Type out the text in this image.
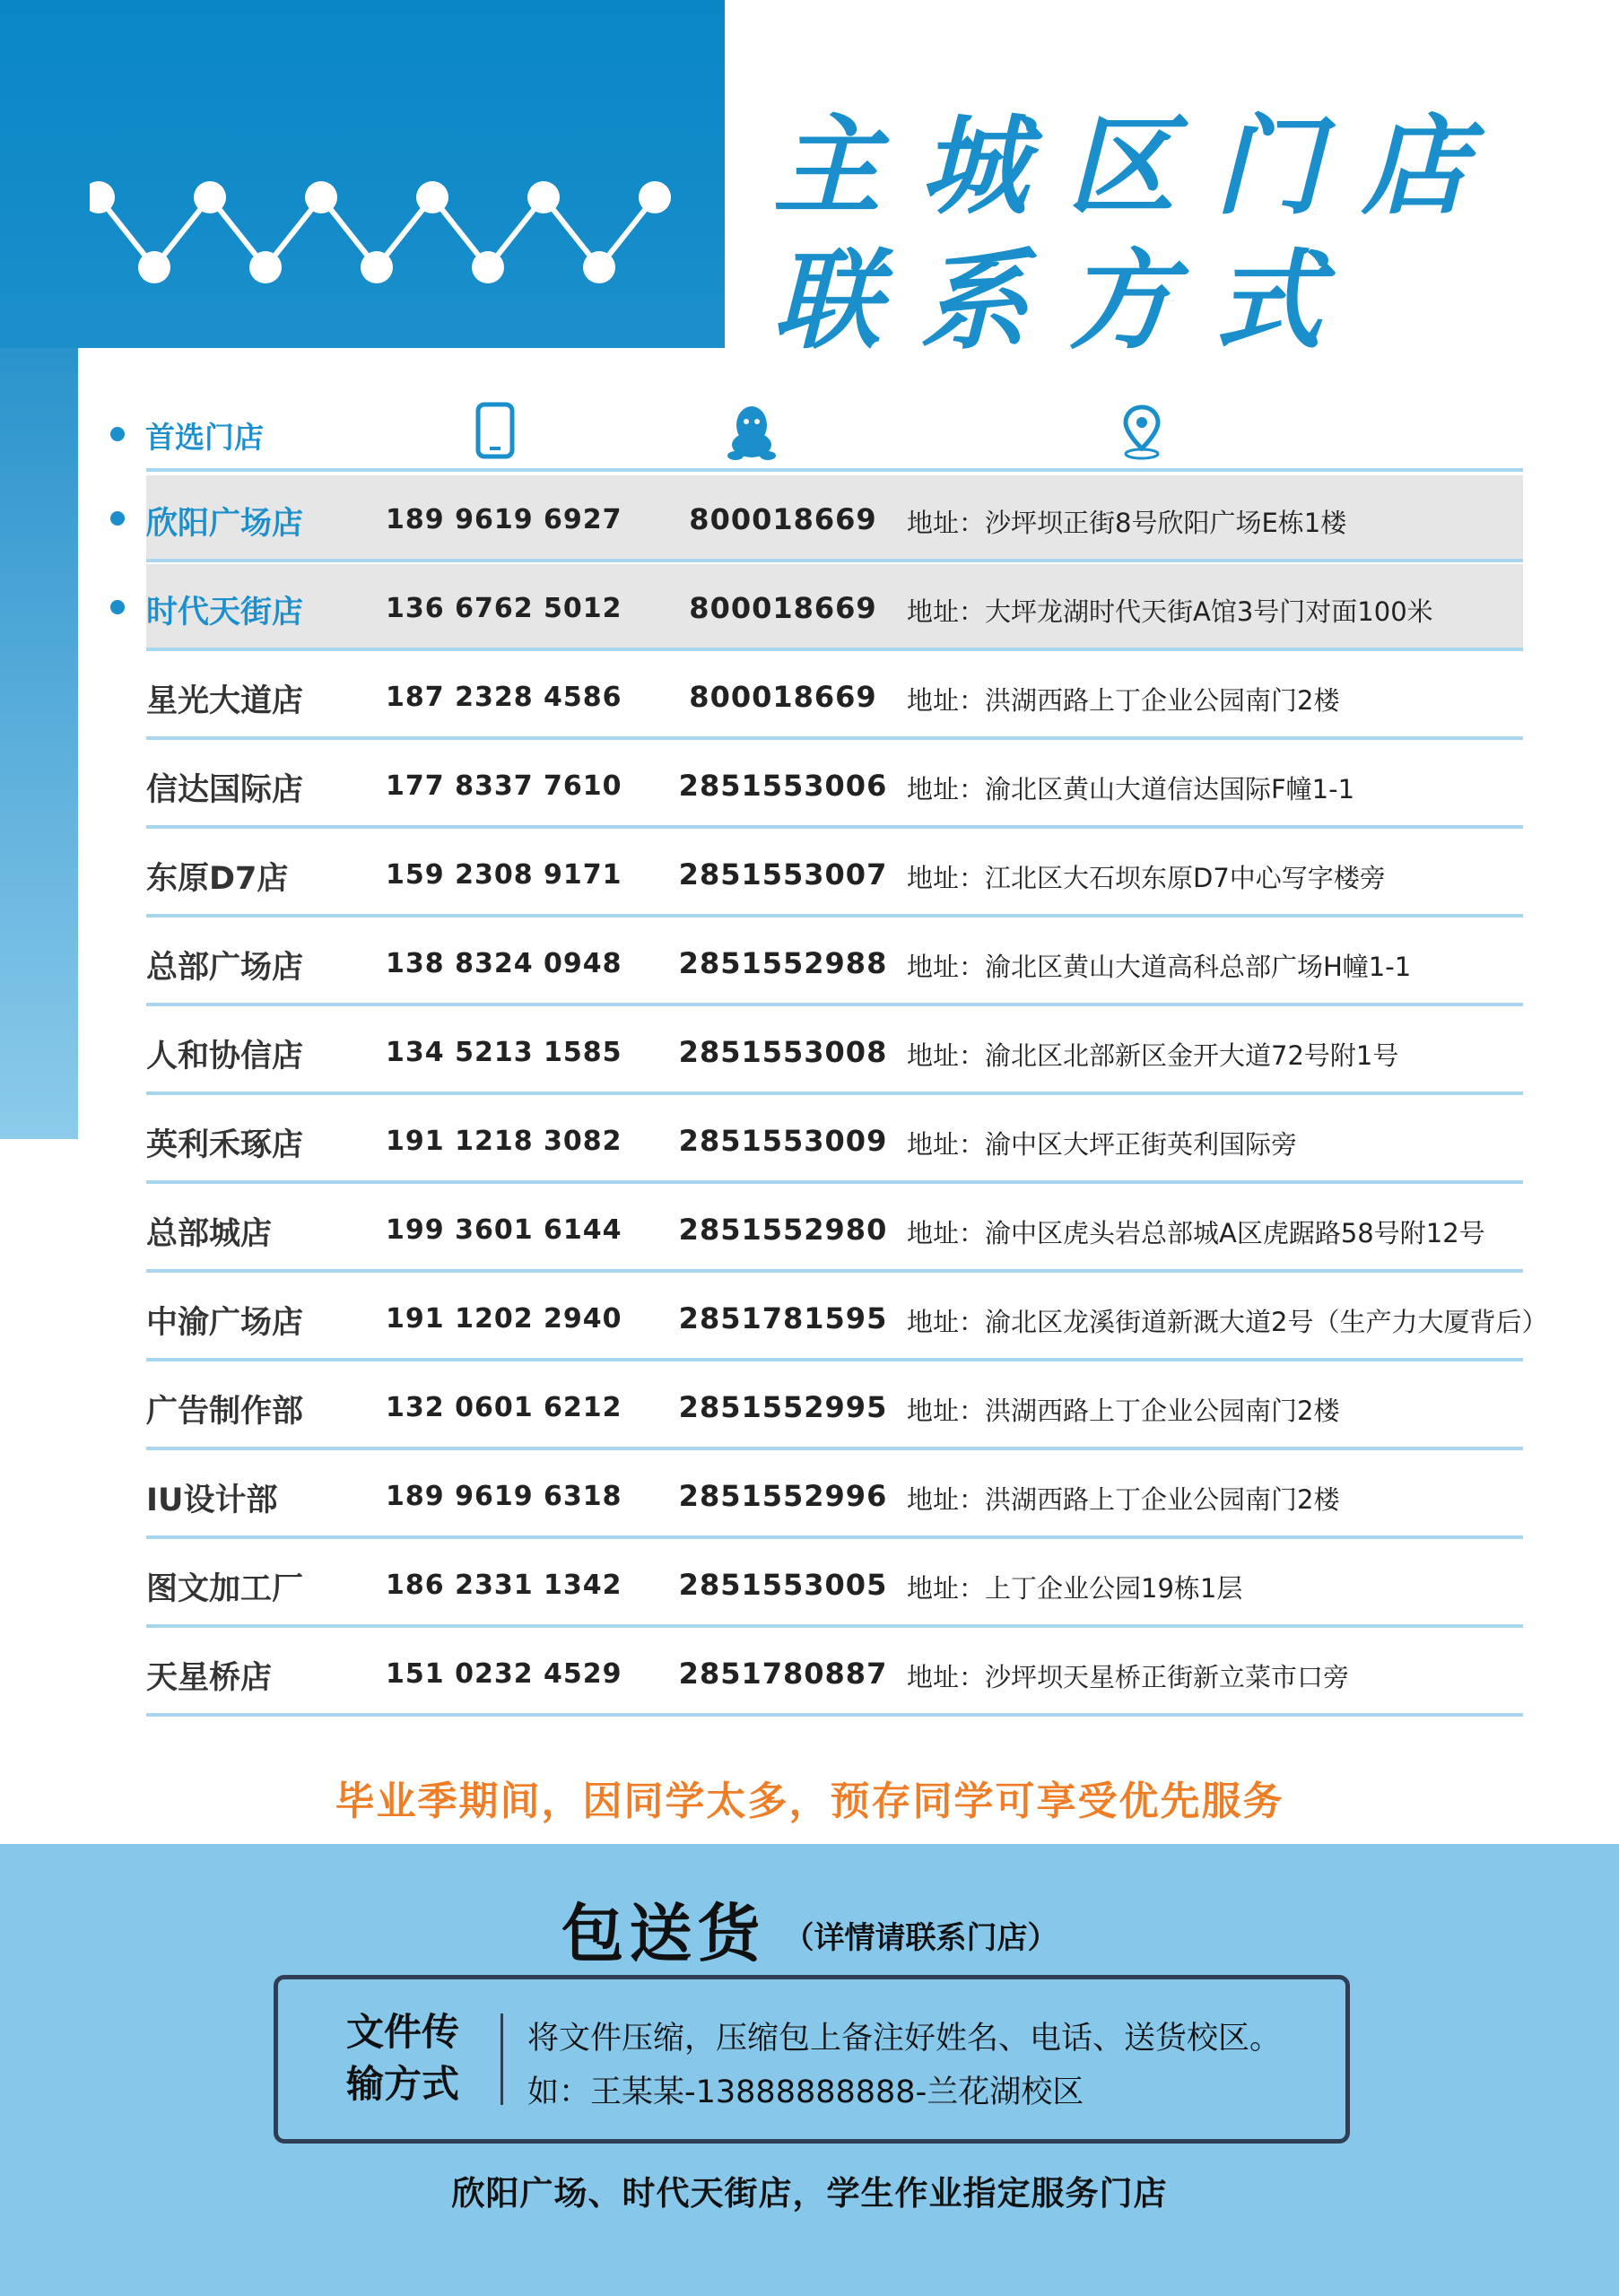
主城区门店
联系方式
首选门店
欣阳广场店	189 9619 6927	800018669	地址：沙坪坝正街8号欣阳广场E栋1楼
时代天街店	136 6762 5012	800018669	地址：大坪龙湖时代天街A馆3号门对面100米
星光大道店	187 2328 4586	800018669	地址：洪湖西路上丁企业公园南门2楼
信达国际店	177 8337 7610	2851553006 地址：渝北区黄山大道信达国际F幢1-1
东原D7店	159 2308 9171	2851553007 地址：江北区大石坝东原D7中心写字楼旁
总部广场店	138 8324 0948	2851552988 地址：渝北区黄山大道高科总部广场H幢1-1
人和协信店	134 5213 1585	2851553008 地址：渝北区北部新区金开大道72号附1号
英利禾琢店	191 1218 3082	2851553009 地址：渝中区大坪正街英利国际旁
总部城店	199 3601 6144	2851552980 地址：渝中区虎头岩总部城A区虎踞路58号附12号
中渝广场店	191 1202 2940	2851781595 地址：渝北区龙溪街道新溉大道2号（生产力大厦背后）
广告制作部	132 0601 6212	2851552995 地址：洪湖西路上丁企业公园南门2楼
IU设计部	189 9619 6318	2851552996 地址：洪湖西路上丁企业公园南门2楼
图文加工厂	186 2331 1342	2851553005 地址：上丁企业公园19栋1层
天星桥店	151 0232 4529	2851780887 地址：沙坪坝天星桥正街新立菜市口旁
毕业季期间，因同学太多，预存同学可享受优先服务
包送货 （详情请联系门店）
文件传
输方式
将文件压缩，压缩包上备注好姓名、电话、送货校区。
如：王某某-13888888888-兰花湖校区
欣阳广场、时代天街店，学生作业指定服务门店
